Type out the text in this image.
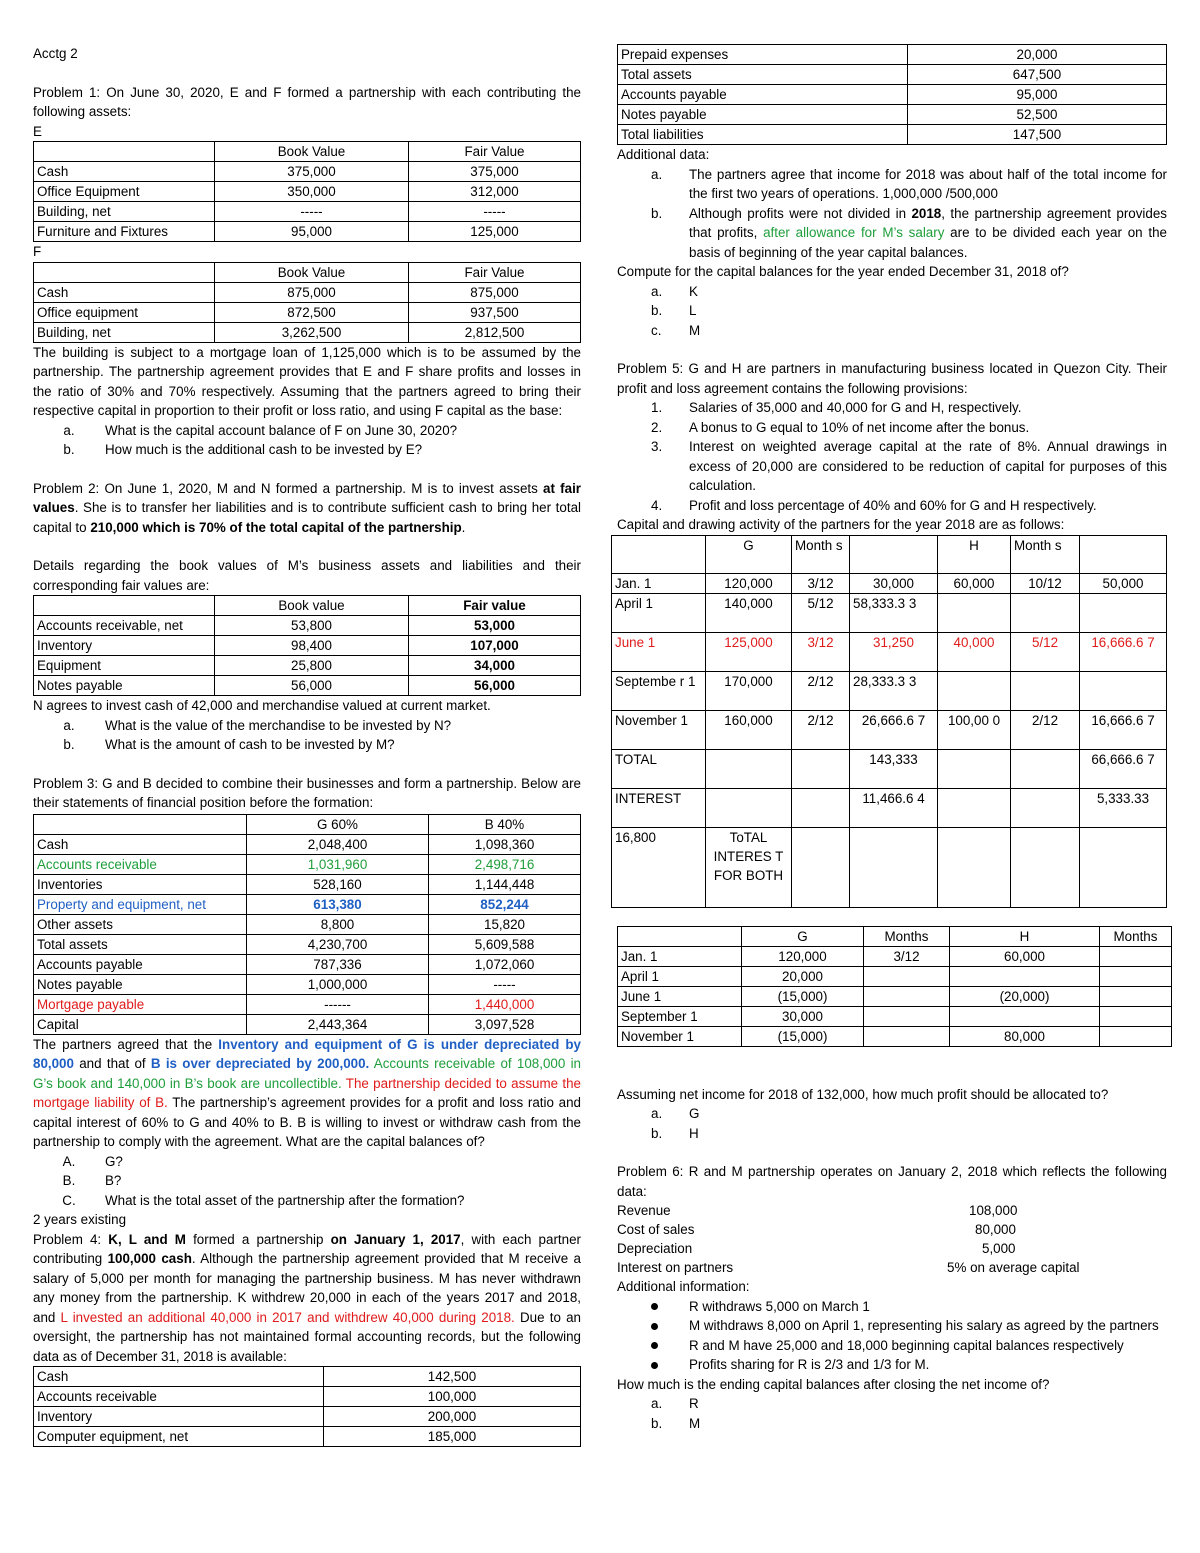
Acctg 2

Problem 1: On June 30, 2020, E and F formed a partnership with each contributing the following assets:

E

	Book Value	Fair Value
Cash	375,000	375,000
Office Equipment	350,000	312,000
Building, net	-----	-----
Furniture and Fixtures	95,000	125,000

F

	Book Value	Fair Value
Cash	875,000	875,000
Office equipment	872,500	937,500
Building, net	3,262,500	2,812,500

The building is subject to a mortgage loan of 1,125,000 which is to be assumed by the partnership. The partnership agreement provides that E and F share profits and losses in the ratio of 30% and 70% respectively. Assuming that the partners agreed to bring their respective capital in proportion to their profit or loss ratio, and using F capital as the base:

a.	What is the capital account balance of F on June 30, 2020?
b.	How much is the additional cash to be invested by E?

Problem 2: On June 1, 2020, M and N formed a partnership. M is to invest assets at fair values. She is to transfer her liabilities and is to contribute sufficient cash to bring her total capital to 210,000 which is 70% of the total capital of the partnership.

Details regarding the book values of M’s business assets and liabilities and their corresponding fair values are:

	Book value	Fair value
Accounts receivable, net	53,800	53,000
Inventory	98,400	107,000
Equipment	25,800	34,000
Notes payable	56,000	56,000

N agrees to invest cash of 42,000 and merchandise valued at current market.

a.	What is the value of the merchandise to be invested by N?
b.	What is the amount of cash to be invested by M?

Problem 3: G and B decided to combine their businesses and form a partnership. Below are their statements of financial position before the formation:

	G 60%	B 40%
Cash	2,048,400	1,098,360
Accounts receivable	1,031,960	2,498,716
Inventories	528,160	1,144,448
Property and equipment, net	613,380	852,244
Other assets	8,800	15,820
Total assets	4,230,700	5,609,588
Accounts payable	787,336	1,072,060
Notes payable	1,000,000	-----
Mortgage payable	------	1,440,000
Capital	2,443,364	3,097,528

The partners agreed that the Inventory and equipment of G is under depreciated by 80,000 and that of B is over depreciated by 200,000. Accounts receivable of 108,000 in G’s book and 140,000 in B’s book are uncollectible. The partnership decided to assume the mortgage liability of B. The partnership’s agreement provides for a profit and loss ratio and capital interest of 60% to G and 40% to B. B is willing to invest or withdraw cash from the partnership to comply with the agreement. What are the capital balances of?

A.	G?
B.	B?
C.	What is the total asset of the partnership after the formation?

2 years existing

Problem 4: K, L and M formed a partnership on January 1, 2017, with each partner contributing 100,000 cash. Although the partnership agreement provided that M receive a salary of 5,000 per month for managing the partnership business. M has never withdrawn any money from the partnership. K withdrew 20,000 in each of the years 2017 and 2018, and L invested an additional 40,000 in 2017 and withdrew 40,000 during 2018. Due to an oversight, the partnership has not maintained formal accounting records, but the following data as of December 31, 2018 is available:

Cash	142,500
Accounts receivable	100,000
Inventory	200,000
Computer equipment, net	185,000
Prepaid expenses	20,000
Total assets	647,500
Accounts payable	95,000
Notes payable	52,500
Total liabilities	147,500

Additional data:

a.	The partners agree that income for 2018 was about half of the total income for the first two years of operations. 1,000,000 /500,000
b.	Although profits were not divided in 2018, the partnership agreement provides that profits, after allowance for M’s salary are to be divided each year on the basis of beginning of the year capital balances.

Compute for the capital balances for the year ended December 31, 2018 of?

a.	K
b.	L
c.	M

Problem 5: G and H are partners in manufacturing business located in Quezon City. Their profit and loss agreement contains the following provisions:

1.	Salaries of 35,000 and 40,000 for G and H, respectively.
2.	A bonus to G equal to 10% of net income after the bonus.
3.	Interest on weighted average capital at the rate of 8%. Annual drawings in excess of 20,000 are considered to be reduction of capital for purposes of this calculation.
4.	Profit and loss percentage of 40% and 60% for G and H respectively.

Capital and drawing activity of the partners for the year 2018 are as follows:

	G	Month s		H	Month s	
Jan. 1	120,000	3/12	30,000	60,000	10/12	50,000
April 1	140,000	5/12	58,333.3 3			
June 1	125,000	3/12	31,250	40,000	5/12	16,666.6 7
Septembe r 1	170,000	2/12	28,333.3 3			
November 1	160,000	2/12	26,666.6 7	100,00 0	2/12	16,666.6 7
TOTAL			143,333			66,666.6 7
INTEREST			11,466.6 4			5,333.33
16,800	ToTAL INTERES T FOR BOTH					
	G	Months	H	Months
Jan. 1	120,000	3/12	60,000	
April 1	20,000			
June 1	(15,000)		(20,000)	
September 1	30,000			
November 1	(15,000)		80,000	

Assuming net income for 2018 of 132,000, how much profit should be allocated to?

a.	G
b.	H

Problem 6: R and M partnership operates on January 2, 2018 which reflects the following data:

Revenue	108,000
Cost of sales	80,000
Depreciation	5,000
Interest on partners	5% on average capital

Additional information:

R withdraws 5,000 on March 1
M withdraws 8,000 on April 1, representing his salary as agreed by the partners
R and M have 25,000 and 18,000 beginning capital balances respectively
Profits sharing for R is 2/3 and 1/3 for M.

How much is the ending capital balances after closing the net income of?

a.	R
b.	M
